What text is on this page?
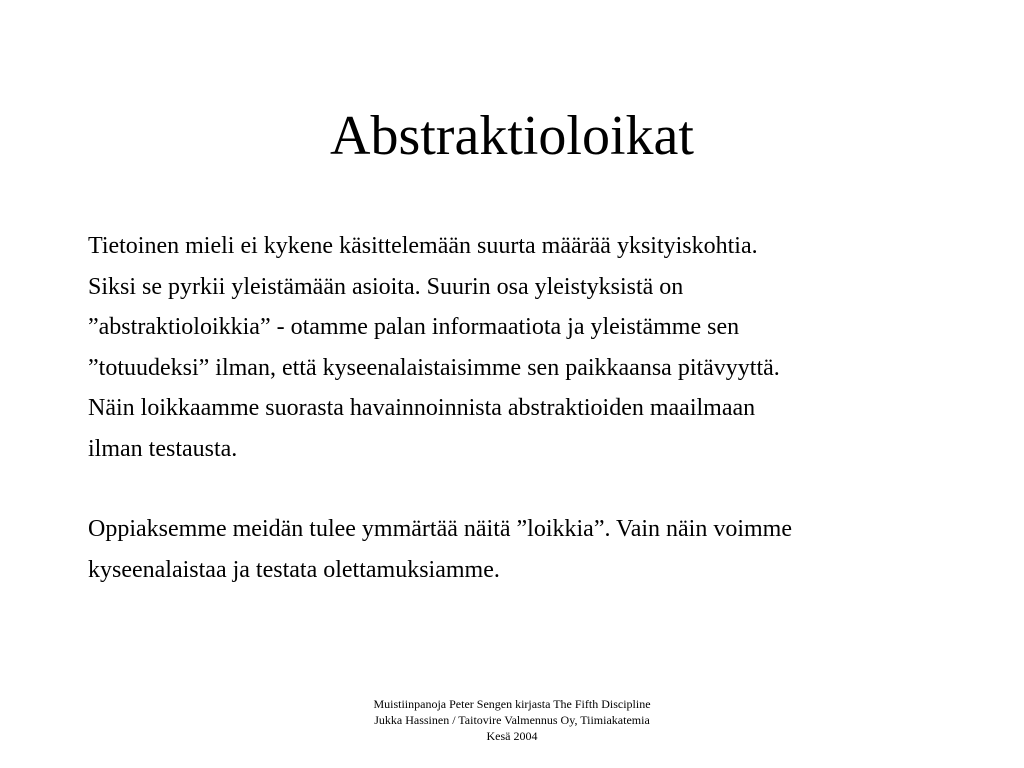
Abstraktioloikat

Tietoinen mieli ei kykene käsittelemään suurta määrää yksityiskohtia.
Siksi se pyrkii yleistämään asioita. Suurin osa yleistyksistä on
”abstraktioloikkia” - otamme palan informaatiota ja yleistämme sen
”totuudeksi” ilman, että kyseenalaistaisimme sen paikkaansa pitävyyttä.
Näin loikkaamme suorasta havainnoinnista abstraktioiden maailmaan
ilman testausta.

Oppiaksemme meidän tulee ymmärtää näitä ”loikkia”. Vain näin voimme
kyseenalaistaa ja testata olettamuksiamme.

Muistiinpanoja Peter Sengen kirjasta The Fifth Discipline
Jukka Hassinen / Taitovire Valmennus Oy, Tiimiakatemia
Kesä 2004
